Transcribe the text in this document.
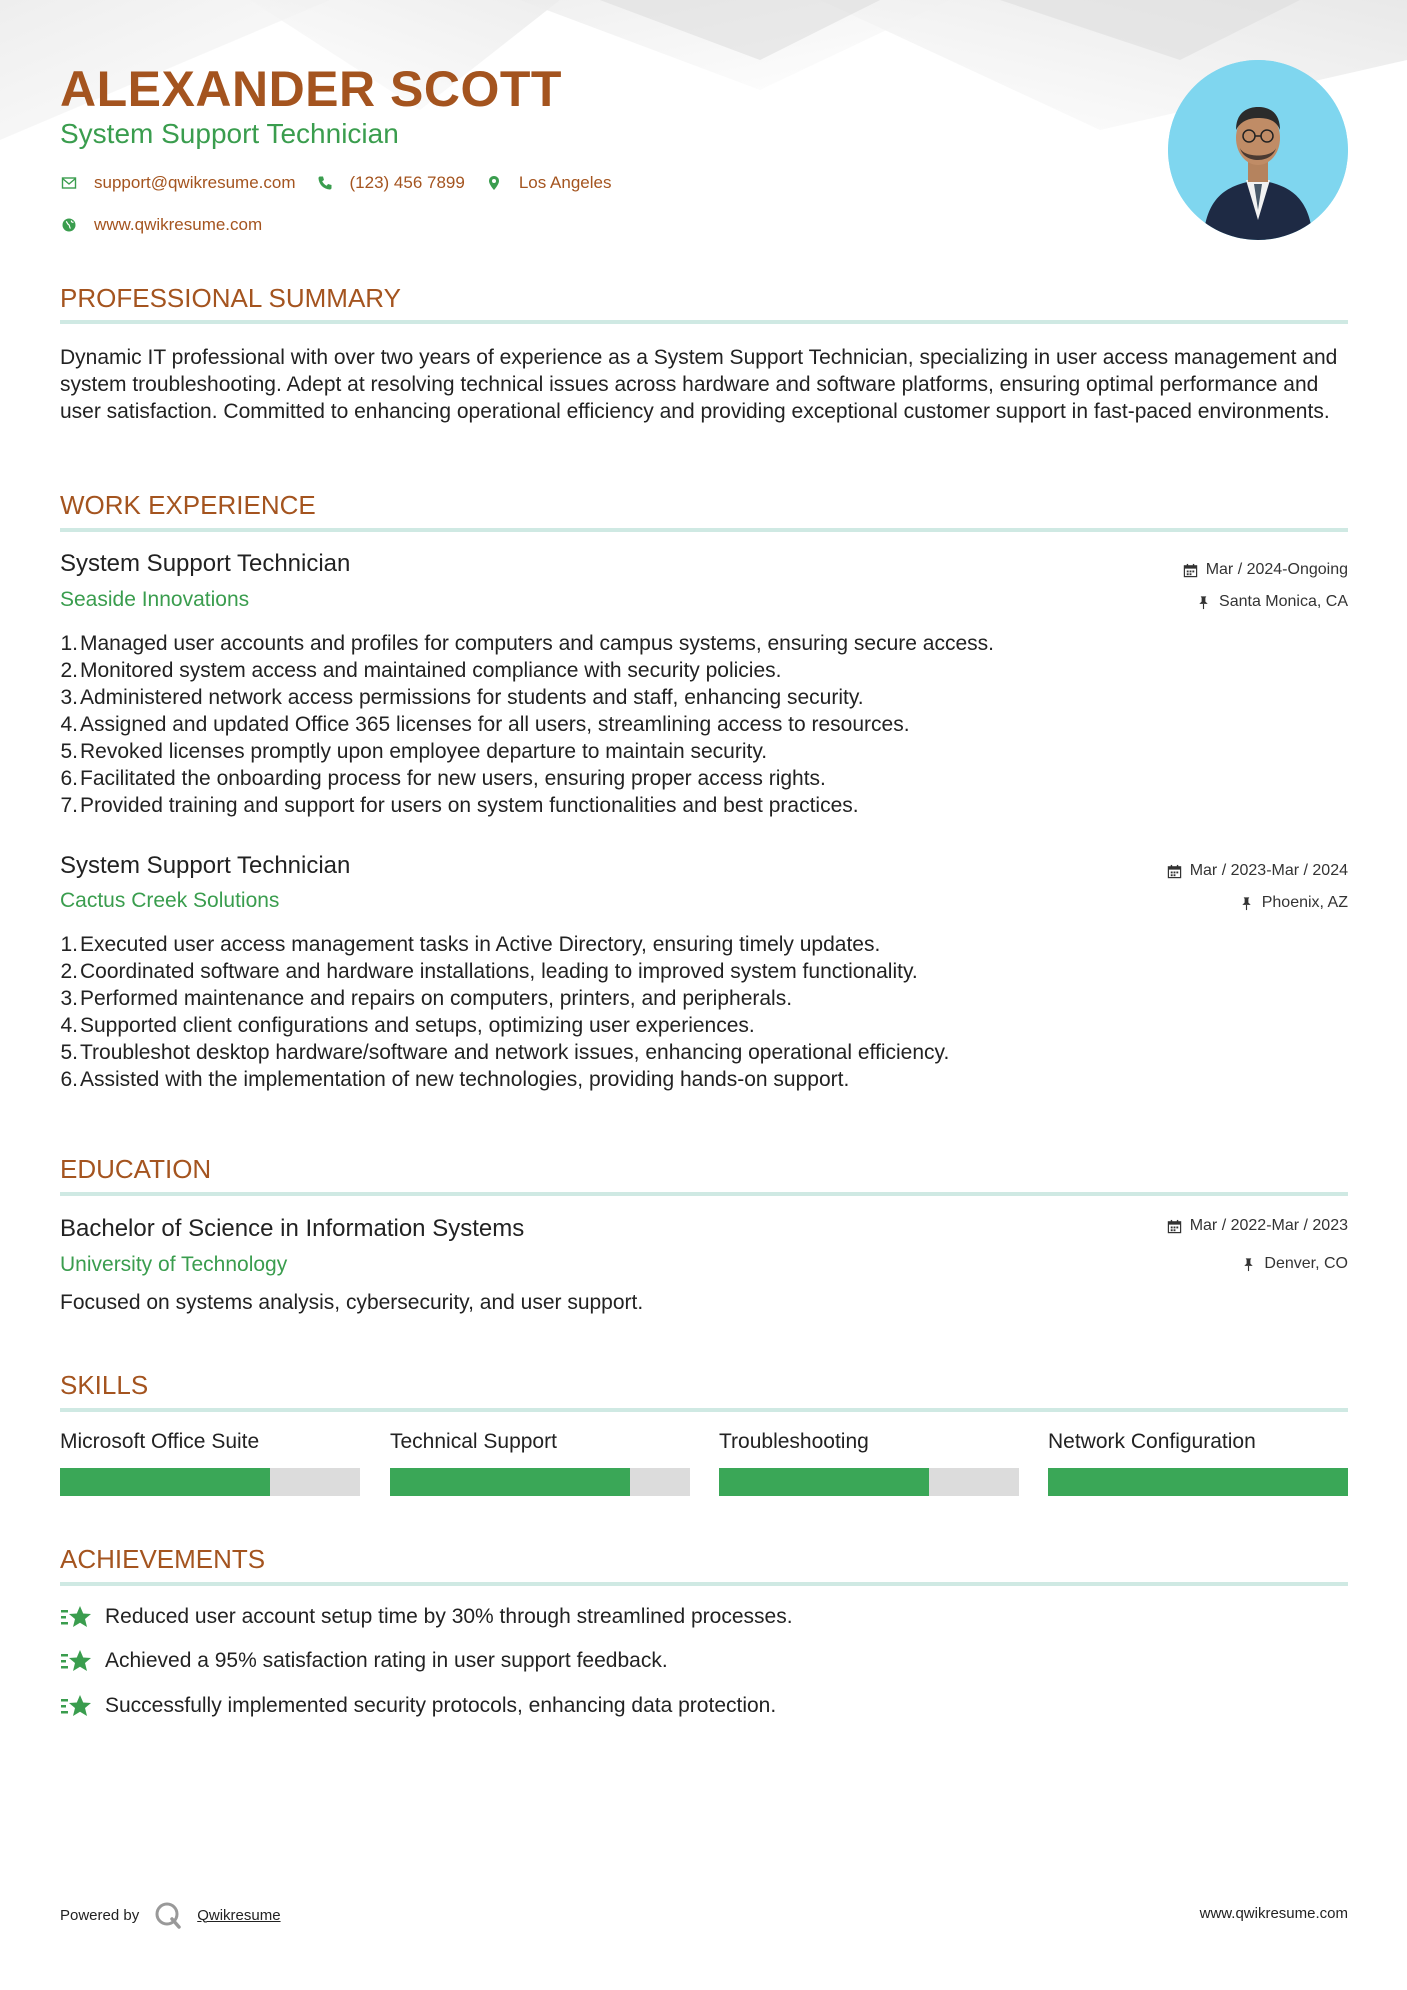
ALEXANDER SCOTT
System Support Technician
support@qwikresume.com	(123) 456 7899	Los Angeles
www.qwikresume.com
PROFESSIONAL SUMMARY
Dynamic IT professional with over two years of experience as a System Support Technician, specializing in user access management and system troubleshooting. Adept at resolving technical issues across hardware and software platforms, ensuring optimal performance and user satisfaction. Committed to enhancing operational efficiency and providing exceptional customer support in fast-paced environments.
WORK EXPERIENCE
System Support Technician
Seaside Innovations
Mar / 2024-Ongoing
Santa Monica, CA
1. Managed user accounts and profiles for computers and campus systems, ensuring secure access.
2. Monitored system access and maintained compliance with security policies.
3. Administered network access permissions for students and staff, enhancing security.
4. Assigned and updated Office 365 licenses for all users, streamlining access to resources.
5. Revoked licenses promptly upon employee departure to maintain security.
6. Facilitated the onboarding process for new users, ensuring proper access rights.
7. Provided training and support for users on system functionalities and best practices.
System Support Technician
Cactus Creek Solutions
Mar / 2023-Mar / 2024
Phoenix, AZ
1. Executed user access management tasks in Active Directory, ensuring timely updates.
2. Coordinated software and hardware installations, leading to improved system functionality.
3. Performed maintenance and repairs on computers, printers, and peripherals.
4. Supported client configurations and setups, optimizing user experiences.
5. Troubleshot desktop hardware/software and network issues, enhancing operational efficiency.
6. Assisted with the implementation of new technologies, providing hands-on support.
EDUCATION
Bachelor of Science in Information Systems
University of Technology
Mar / 2022-Mar / 2023
Denver, CO
Focused on systems analysis, cybersecurity, and user support.
SKILLS
Microsoft Office Suite	Technical Support	Troubleshooting	Network Configuration
ACHIEVEMENTS
Reduced user account setup time by 30% through streamlined processes.
Achieved a 95% satisfaction rating in user support feedback.
Successfully implemented security protocols, enhancing data protection.
Powered by	Qwikresume	www.qwikresume.com
